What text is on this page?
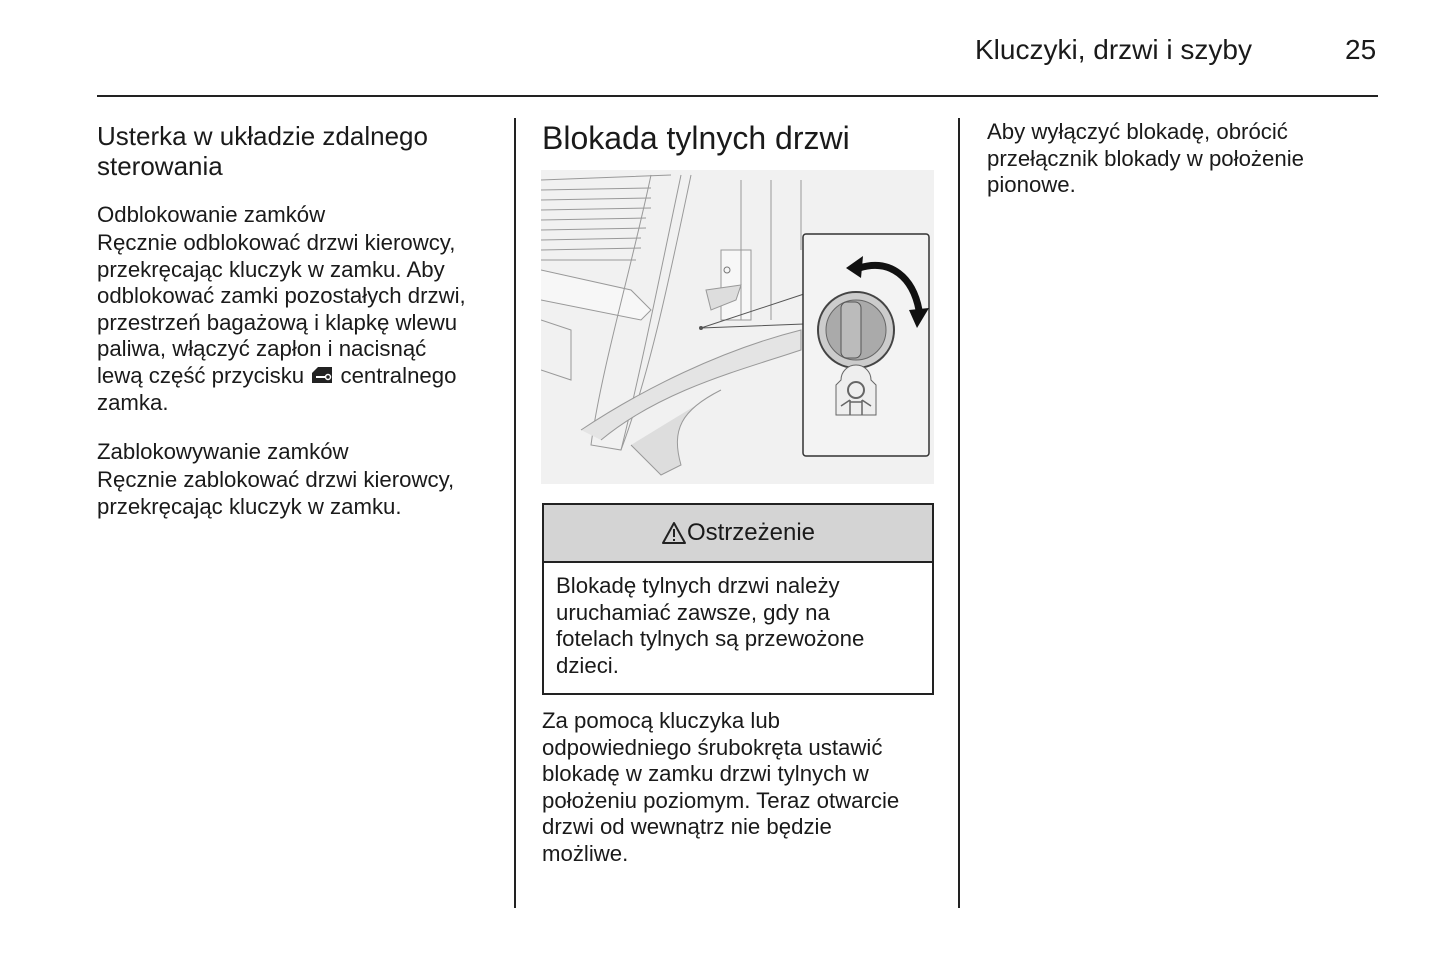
Kluczyki, drzwi i szyby	25
Usterka w układzie zdalnego
sterowania
Odblokowanie zamków
Ręcznie odblokować drzwi kierowcy,
przekręcając kluczyk w zamku. Aby
odblokować zamki pozostałych drzwi,
przestrzeń bagażową i klapkę wlewu
paliwa, włączyć zapłon i nacisnąć
lewą część przycisku  centralnego
zamka.
Zablokowywanie zamków
Ręcznie zablokować drzwi kierowcy,
przekręcając kluczyk w zamku.
Blokada tylnych drzwi
Ostrzeżenie
Blokadę tylnych drzwi należy
uruchamiać zawsze, gdy na
fotelach tylnych są przewożone
dzieci.
Za pomocą kluczyka lub
odpowiedniego śrubokręta ustawić
blokadę w zamku drzwi tylnych w
położeniu poziomym. Teraz otwarcie
drzwi od wewnątrz nie będzie
możliwe.
Aby wyłączyć blokadę, obrócić
przełącznik blokady w położenie
pionowe.
